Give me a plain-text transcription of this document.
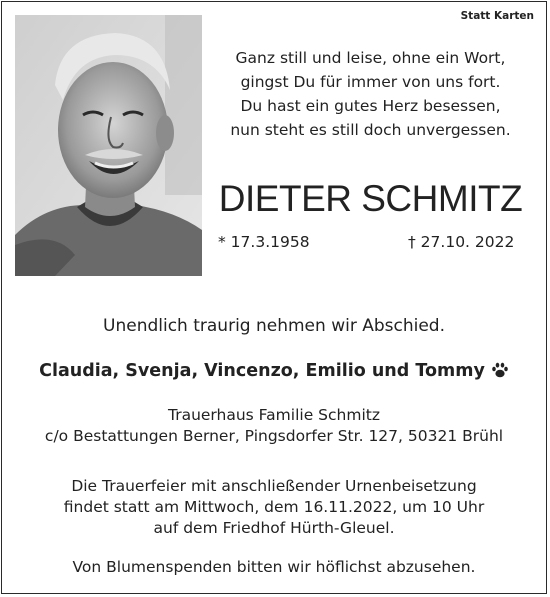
Statt Karten
Ganz still und leise, ohne ein Wort,
gingst Du für immer von uns fort.
Du hast ein gutes Herz besessen,
nun steht es still doch unvergessen.
DIETER SCHMITZ
* 17.3.1958	† 27.10. 2022
Unendlich traurig nehmen wir Abschied.
Claudia, Svenja, Vincenzo, Emilio und Tommy
Trauerhaus Familie Schmitz
c/o Bestattungen Berner, Pingsdorfer Str. 127, 50321 Brühl
Die Trauerfeier mit anschließender Urnenbeisetzung
findet statt am Mittwoch, dem 16.11.2022, um 10 Uhr
auf dem Friedhof Hürth-Gleuel.
Von Blumenspenden bitten wir höflichst abzusehen.
